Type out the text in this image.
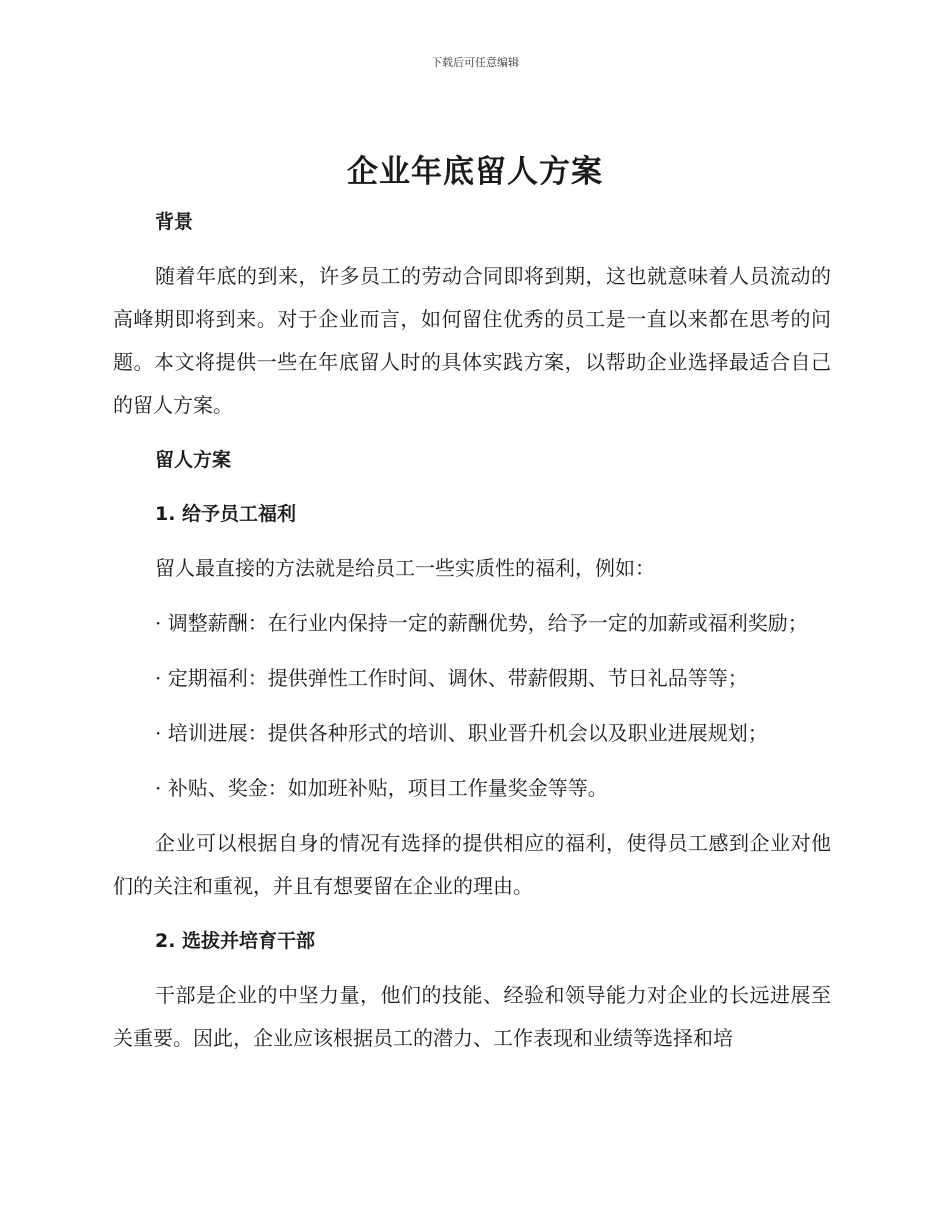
下载后可任意编辑
企业年底留人方案
背景

随着年底的到来，许多员工的劳动合同即将到期，这也就意味着人员流动的高峰期即将到来。对于企业而言，如何留住优秀的员工是一直以来都在思考的问题。本文将提供一些在年底留人时的具体实践方案，以帮助企业选择最适合自己的留人方案。

留人方案
1. 给予员工福利

留人最直接的方法就是给员工一些实质性的福利，例如：

· 调整薪酬：在行业内保持一定的薪酬优势，给予一定的加薪或福利奖励；

· 定期福利：提供弹性工作时间、调休、带薪假期、节日礼品等等；

· 培训进展：提供各种形式的培训、职业晋升机会以及职业进展规划；

· 补贴、奖金：如加班补贴，项目工作量奖金等等。

企业可以根据自身的情况有选择的提供相应的福利，使得员工感到企业对他们的关注和重视，并且有想要留在企业的理由。

2. 选拔并培育干部

干部是企业的中坚力量，他们的技能、经验和领导能力对企业的长远进展至关重要。因此，企业应该根据员工的潜力、工作表现和业绩等选择和培
